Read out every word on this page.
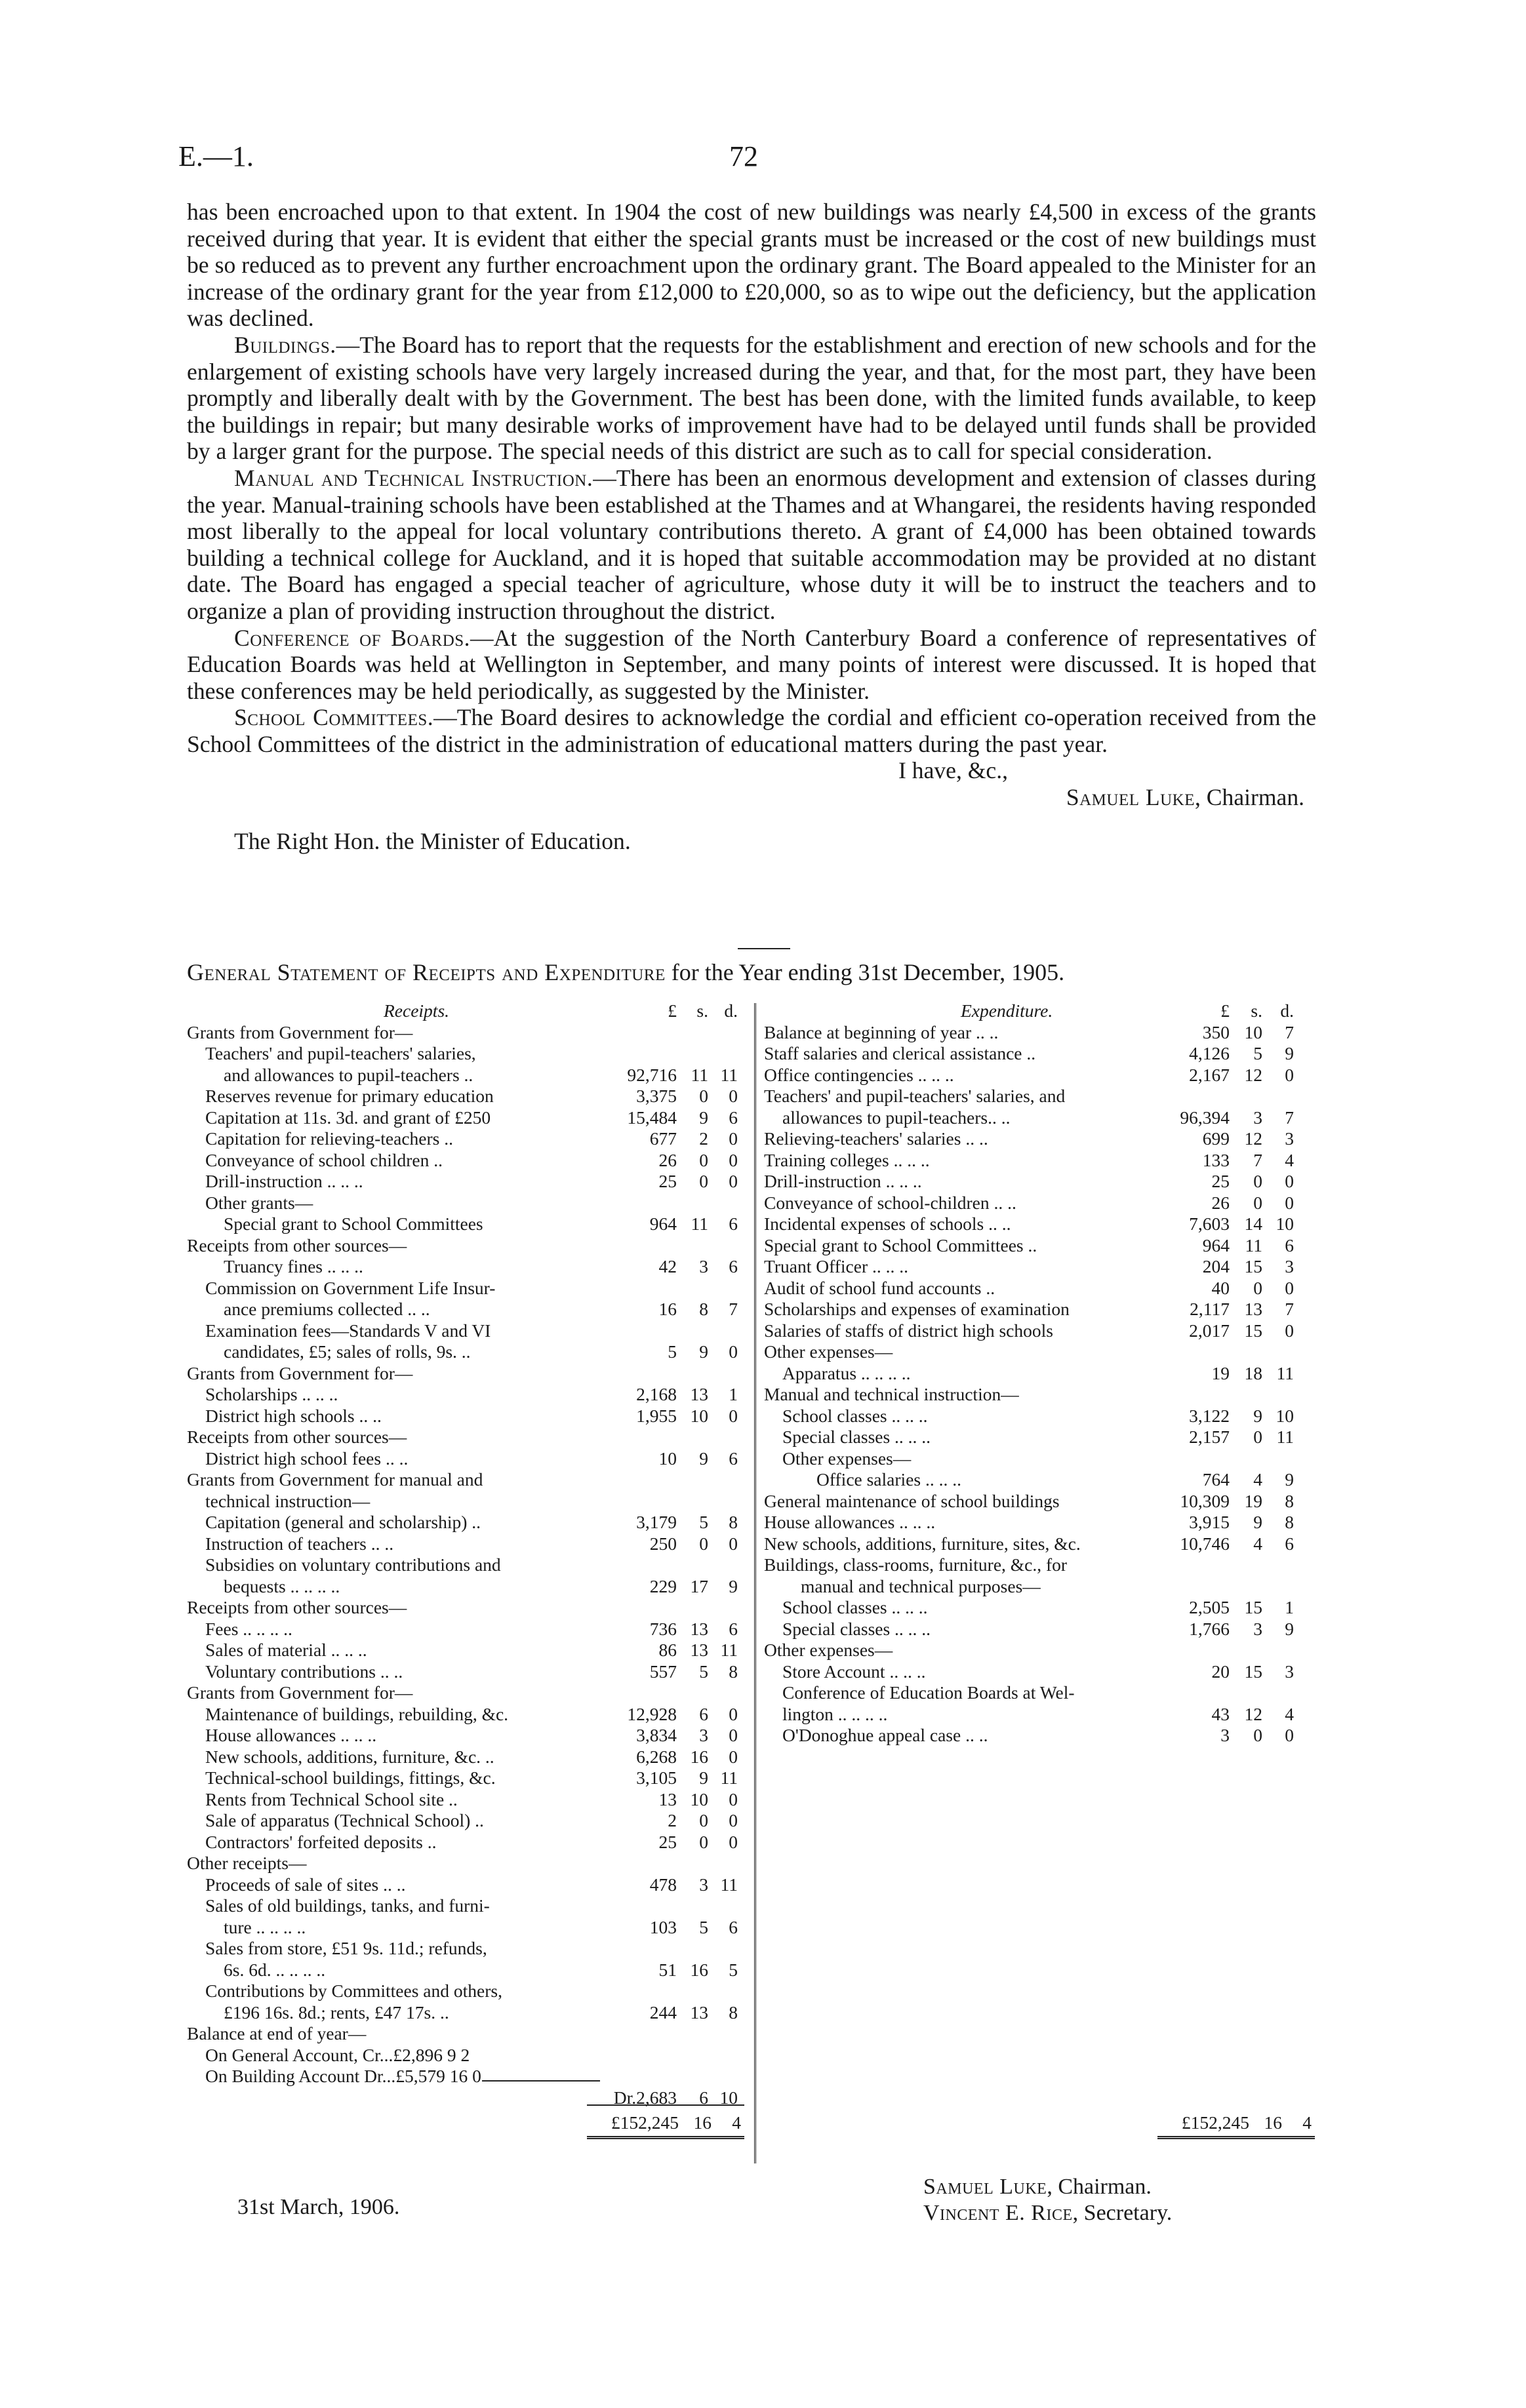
E.—1.	72

has been encroached upon to that extent. In 1904 the cost of new buildings was nearly £4,500 in excess of the grants received during that year. It is evident that either the special grants must be increased or the cost of new buildings must be so reduced as to prevent any further encroachment upon the ordinary grant. The Board appealed to the Minister for an increase of the ordinary grant for the year from £12,000 to £20,000, so as to wipe out the deficiency, but the application was declined.

Buildings.—The Board has to report that the requests for the establishment and erection of new schools and for the enlargement of existing schools have very largely increased during the year, and that, for the most part, they have been promptly and liberally dealt with by the Government. The best has been done, with the limited funds available, to keep the buildings in repair; but many desirable works of improvement have had to be delayed until funds shall be provided by a larger grant for the purpose. The special needs of this district are such as to call for special consideration.

Manual and Technical Instruction.—There has been an enormous development and extension of classes during the year. Manual-training schools have been established at the Thames and at Whangarei, the residents having responded most liberally to the appeal for local voluntary contributions thereto. A grant of £4,000 has been obtained towards building a technical college for Auckland, and it is hoped that suitable accommodation may be provided at no distant date. The Board has engaged a special teacher of agriculture, whose duty it will be to instruct the teachers and to organize a plan of providing instruction throughout the district.

Conference of Boards.—At the suggestion of the North Canterbury Board a conference of representatives of Education Boards was held at Wellington in September, and many points of interest were discussed. It is hoped that these conferences may be held periodically, as suggested by the Minister.

School Committees.—The Board desires to acknowledge the cordial and efficient co-operation received from the School Committees of the district in the administration of educational matters during the past year.

I have, &c.,

Samuel Luke, Chairman.

The Right Hon. the Minister of Education.

General Statement of Receipts and Expenditure for the Year ending 31st December, 1905.
Receipts.	£	s. d.
Grants from Government for—
Teachers' and pupil-teachers' salaries,
and allowances to pupil-teachers ..	92,716 11 11
Reserves revenue for primary education	3,375	0	0
Capitation at 11s. 3d. and grant of £250	15,484	9	6
Capitation for relieving-teachers ..	677	2	0
Conveyance of school children ..	26	0	0
Drill-instruction .. .. ..	25	0	0
Other grants—
Special grant to School Committees	964 11	6
Receipts from other sources—
Truancy fines .. .. ..	42	3	6
Commission on Government Life Insur-
ance premiums collected .. ..	16	8	7
Examination fees—Standards V and VI
candidates, £5; sales of rolls, 9s. ..	5	9	0
Grants from Government for—
Scholarships .. .. ..	2,168 13	1
District high schools .. ..	1,955 10	0
Receipts from other sources—
District high school fees .. ..	10	9	6
Grants from Government for manual and
technical instruction—
Capitation (general and scholarship) ..	3,179	5	8
Instruction of teachers .. ..	250	0	0
Subsidies on voluntary contributions and
bequests .. .. .. ..	229 17	9
Receipts from other sources—
Fees .. .. .. ..	736 13	6
Sales of material .. .. ..	86 13 11
Voluntary contributions .. ..	557	5	8
Grants from Government for—
Maintenance of buildings, rebuilding, &c.	12,928	6	0
House allowances .. .. ..	3,834	3	0
New schools, additions, furniture, &c. ..	6,268 16	0
Technical-school buildings, fittings, &c.	3,105	9 11
Rents from Technical School site ..	13 10	0
Sale of apparatus (Technical School) ..	2	0	0
Contractors' forfeited deposits ..	25	0	0
Other receipts—
Proceeds of sale of sites .. ..	478	3 11
Sales of old buildings, tanks, and furni-
ture .. .. .. ..	103	5	6
Sales from store, £51 9s. 11d.; refunds,
6s. 6d. .. .. .. ..	51 16	5
Contributions by Committees and others,
£196 16s. 8d.; rents, £47 17s. ..	244 13	8
Balance at end of year—
On General Account, Cr...£2,896 9 2
On Building Account Dr...£5,579 16 0
Dr.2,683	6 10
Expenditure.	£	s. d.
Balance at beginning of year .. ..	350 10	7
Staff salaries and clerical assistance ..	4,126	5	9
Office contingencies .. .. ..	2,167 12	0
Teachers' and pupil-teachers' salaries, and
allowances to pupil-teachers.. ..	96,394	3	7
Relieving-teachers' salaries .. ..	699 12	3
Training colleges .. .. ..	133	7	4
Drill-instruction .. .. ..	25	0	0
Conveyance of school-children .. ..	26	0	0
Incidental expenses of schools .. ..	7,603 14 10
Special grant to School Committees ..	964 11	6
Truant Officer .. .. ..	204 15	3
Audit of school fund accounts ..	40	0	0
Scholarships and expenses of examination	2,117 13	7
Salaries of staffs of district high schools	2,017 15	0
Other expenses—
Apparatus .. .. .. ..	19 18 11
Manual and technical instruction—
School classes .. .. ..	3,122	9 10
Special classes .. .. ..	2,157	0 11
Other expenses—
Office salaries .. .. ..	764	4	9
General maintenance of school buildings	10,309 19	8
House allowances .. .. ..	3,915	9	8
New schools, additions, furniture, sites, &c.	10,746	4	6
Buildings, class-rooms, furniture, &c., for
manual and technical purposes—
School classes .. .. ..	2,505 15	1
Special classes .. .. ..	1,766	3	9
Other expenses—
Store Account .. .. ..	20 15	3
Conference of Education Boards at Wel-
lington .. .. .. ..	43 12	4
O'Donoghue appeal case .. ..	3	0	0
£152,245 16	4	£152,245 16	4
31st March, 1906.
Samuel Luke, Chairman.
Vincent E. Rice, Secretary.
